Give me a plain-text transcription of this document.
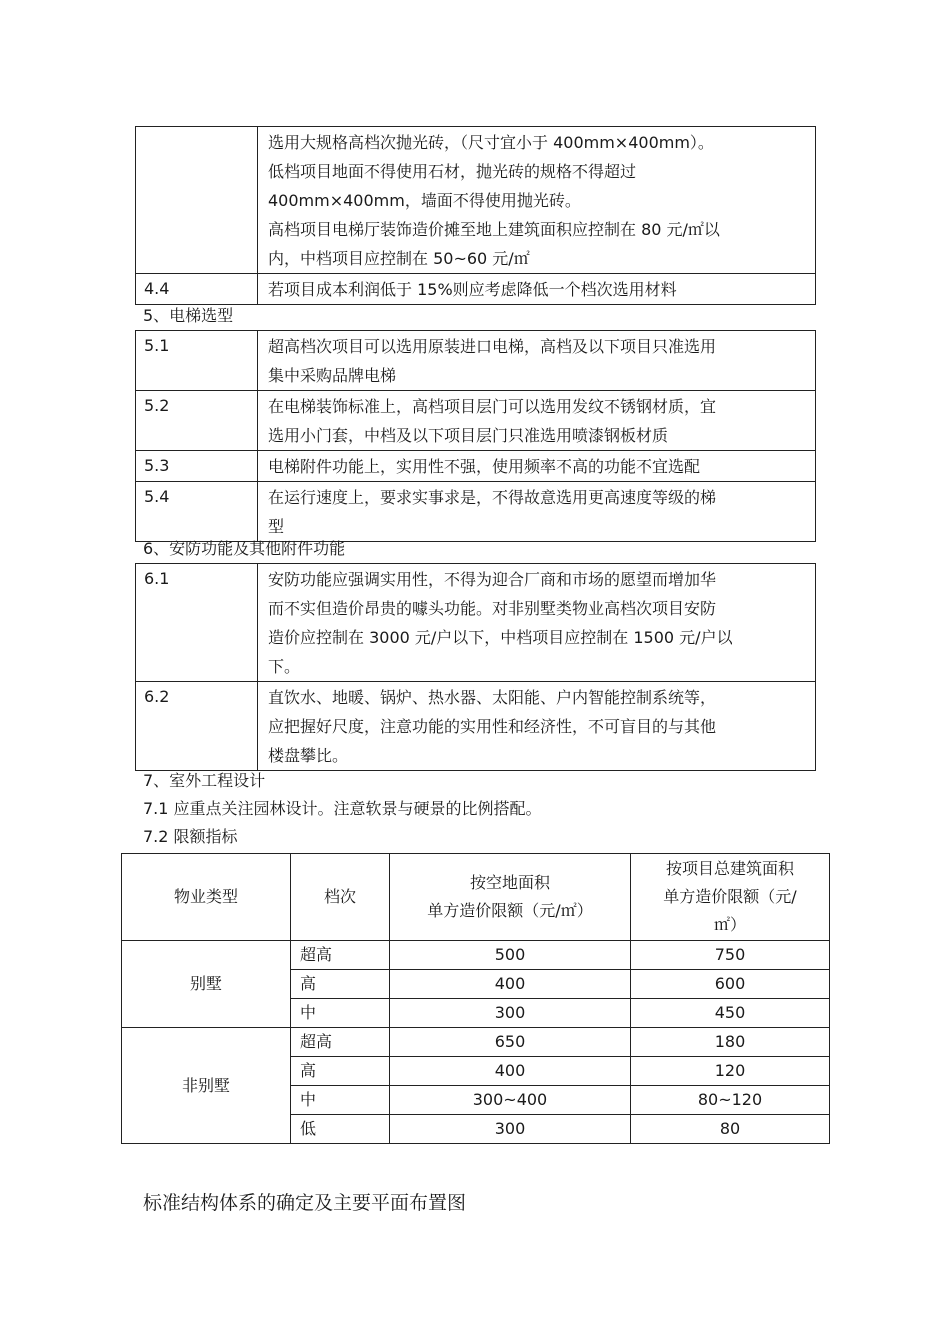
	选用大规格高档次抛光砖，（尺寸宜小于 400mm×400mm）。
低档项目地面不得使用石材，抛光砖的规格不得超过
400mm×400mm，墙面不得使用抛光砖。
高档项目电梯厅装饰造价摊至地上建筑面积应控制在 80 元/㎡以
内，中档项目应控制在 50~60 元/㎡

4.4	若项目成本利润低于 15%则应考虑降低一个档次选用材料
5、电梯选型
5.1	超高档次项目可以选用原装进口电梯，高档及以下项目只准选用
集中采购品牌电梯

5.2	在电梯装饰标准上，高档项目层门可以选用发纹不锈钢材质，宜
选用小门套，中档及以下项目层门只准选用喷漆钢板材质

5.3	电梯附件功能上，实用性不强，使用频率不高的功能不宜选配

5.4	在运行速度上，要求实事求是，不得故意选用更高速度等级的梯
型
6、安防功能及其他附件功能
6.1	安防功能应强调实用性，不得为迎合厂商和市场的愿望而增加华
而不实但造价昂贵的噱头功能。对非别墅类物业高档次项目安防
造价应控制在 3000 元/户以下，中档项目应控制在 1500 元/户以
下。

6.2	直饮水、地暖、锅炉、热水器、太阳能、户内智能控制系统等，
应把握好尺度，注意功能的实用性和经济性，不可盲目的与其他
楼盘攀比。
7、室外工程设计
7.1 应重点关注园林设计。注意软景与硬景的比例搭配。
7.2 限额指标
物业类型	档次	按空地面积
单方造价限额（元/㎡）	按项目总建筑面积
单方造价限额（元/
㎡）

别墅	超高	500	750
	高	400	600
	中	300	450
非别墅	超高	650	180
	高	400	120
	中	300~400	80~120
	低	300	80
标准结构体系的确定及主要平面布置图
